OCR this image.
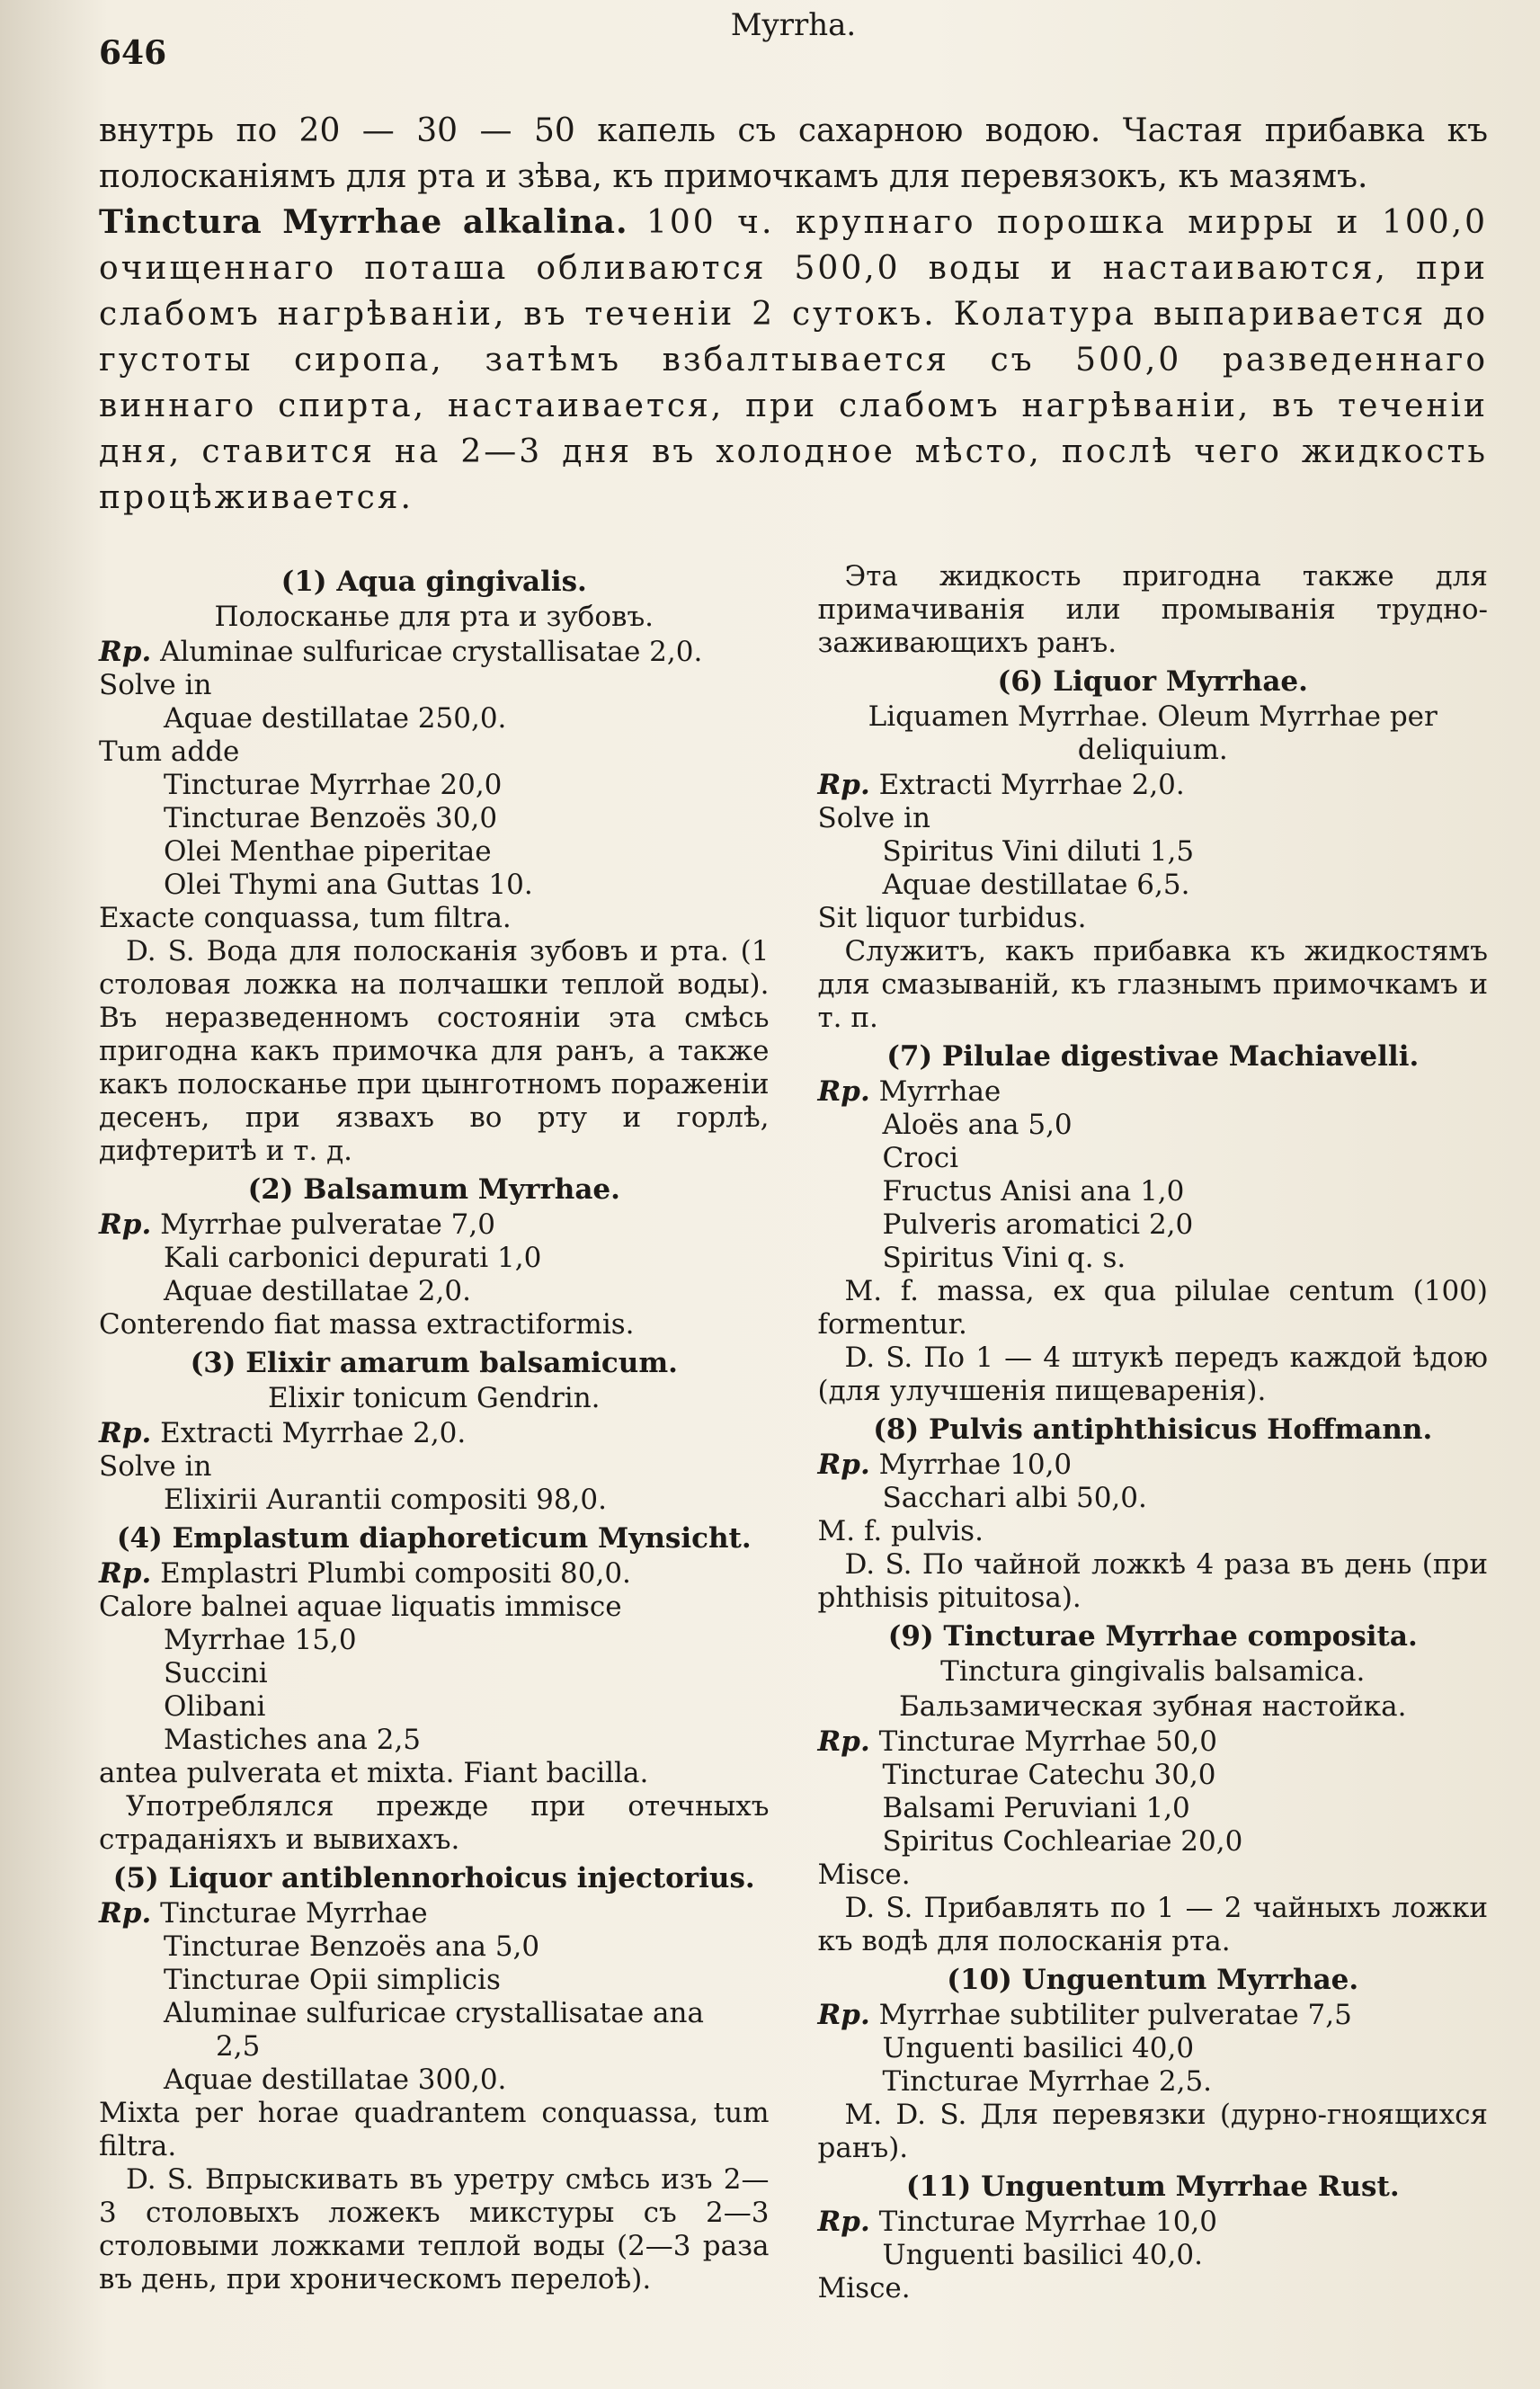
646
Myrrha.

внутрь по 20 — 30 — 50 капель съ сахарною водою. Частая прибавка къ полосканіямъ для рта и зѣва, къ примочкамъ для перевязокъ, къ мазямъ.

Tinctura Myrrhae alkalina. 100 ч. крупнаго порошка мирры и 100,0 очищеннаго поташа обливаются 500,0 воды и настаиваются, при слабомъ нагрѣваніи, въ теченіи 2 сутокъ. Колатура выпаривается до густоты сиропа, затѣмъ взбалтывается съ 500,0 разведеннаго виннаго спирта, настаивается, при слабомъ нагрѣваніи, въ теченіи дня, ставится на 2—3 дня въ холодное мѣсто, послѣ чего жидкость процѣживается.

(1) Aqua gingivalis.
Полосканье для рта и зубовъ.

Rp. Aluminae sulfuricae crystallisatae 2,0.

Solve in

Aquae destillatae 250,0.

Tum adde

Tincturae Myrrhae 20,0

Tincturae Benzoës 30,0

Olei Menthae piperitae

Olei Thymi ana Guttas 10.

Exacte conquassa, tum filtra.

D. S. Вода для полосканія зубовъ и рта. (1 столовая ложка на полчашки теплой воды). Въ неразведенномъ состояніи эта смѣсь пригодна какъ примочка для ранъ, а также какъ полосканье при цынготномъ пораженіи десенъ, при язвахъ во рту и горлѣ, дифтеритѣ и т. д.

(2) Balsamum Myrrhae.

Rp. Myrrhae pulveratae 7,0

Kali carbonici depurati 1,0

Aquae destillatae 2,0.

Conterendo fiat massa extractiformis.

(3) Elixir amarum balsamicum.
Elixir tonicum Gendrin.

Rp. Extracti Myrrhae 2,0.

Solve in

Elixirii Aurantii compositi 98,0.

(4) Emplastum diaphoreticum Mynsicht.

Rp. Emplastri Plumbi compositi 80,0.

Calore balnei aquae liquatis immisce

Myrrhae 15,0

Succini

Olibani

Mastiches ana 2,5

antea pulverata et mixta. Fiant bacilla.

Употреблялся прежде при отечныхъ страданіяхъ и вывихахъ.

(5) Liquor antiblennorhoicus injectorius.

Rp. Tincturae Myrrhae

Tincturae Benzoës ana 5,0

Tincturae Opii simplicis

Aluminae sulfuricae crystallisatae ana

2,5

Aquae destillatae 300,0.

Mixta per horae quadrantem conquassa, tum filtra.

D. S. Впрыскивать въ уретру смѣсь изъ 2—3 столовыхъ ложекъ микстуры съ 2—3 столовыми ложками теплой воды (2—3 раза въ день, при хроническомъ перелоѣ).

Эта жидкость пригодна также для примачиванія или промыванія трудно-заживающихъ ранъ.

(6) Liquor Myrrhae.
Liquamen Myrrhae. Oleum Myrrhae per deliquium.

Rp. Extracti Myrrhae 2,0.

Solve in

Spiritus Vini diluti 1,5

Aquae destillatae 6,5.

Sit liquor turbidus.

Служитъ, какъ прибавка къ жидкостямъ для смазываній, къ глазнымъ примочкамъ и т. п.

(7) Pilulae digestivae Machiavelli.

Rp. Myrrhae

Aloës ana 5,0

Croci

Fructus Anisi ana 1,0

Pulveris aromatici 2,0

Spiritus Vini q. s.

M. f. massa, ex qua pilulae centum (100) formentur.

D. S. По 1 — 4 штукѣ передъ каждой ѣдою (для улучшенія пищеваренія).

(8) Pulvis antiphthisicus Hoffmann.

Rp. Myrrhae 10,0

Sacchari albi 50,0.

M. f. pulvis.

D. S. По чайной ложкѣ 4 раза въ день (при phthisis pituitosa).

(9) Tincturae Myrrhae composita.
Tinctura gingivalis balsamica.
Бальзамическая зубная настойка.

Rp. Tincturae Myrrhae 50,0

Tincturae Catechu 30,0

Balsami Peruviani 1,0

Spiritus Cochleariae 20,0

Misce.

D. S. Прибавлять по 1 — 2 чайныхъ ложки къ водѣ для полосканія рта.

(10) Unguentum Myrrhae.

Rp. Myrrhae subtiliter pulveratae 7,5

Unguenti basilici 40,0

Tincturae Myrrhae 2,5.

M. D. S. Для перевязки (дурно-гноящихся ранъ).

(11) Unguentum Myrrhae Rust.

Rp. Tincturae Myrrhae 10,0

Unguenti basilici 40,0.

Misce.
